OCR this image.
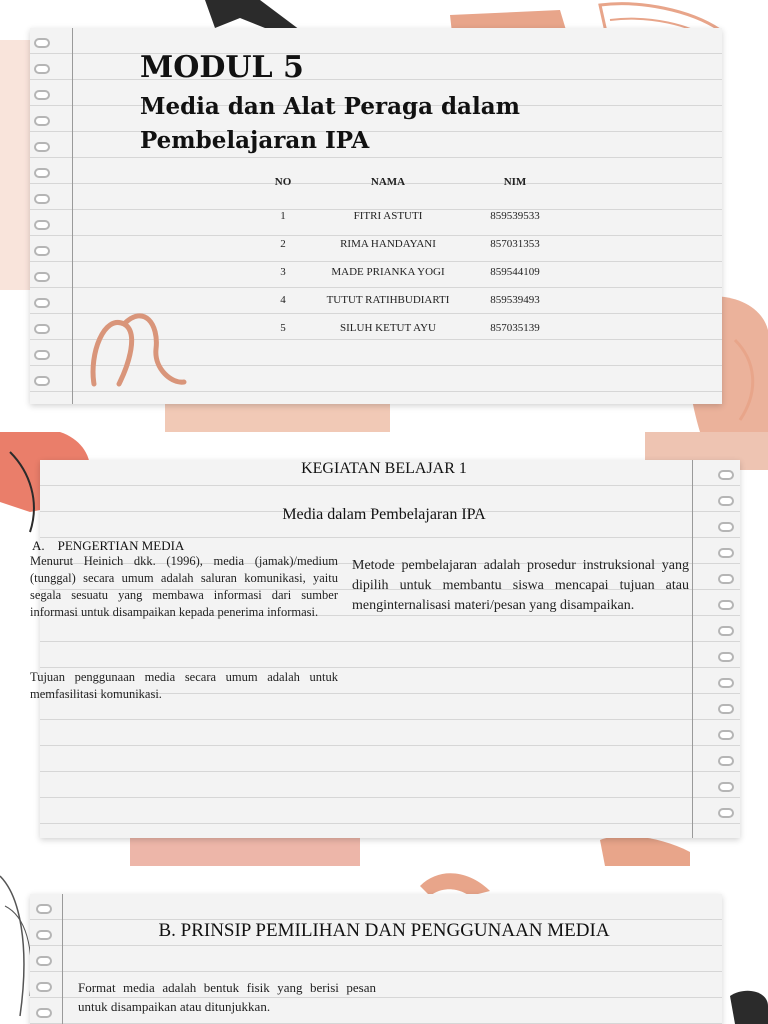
MODUL 5
Media dan Alat Peraga dalam Pembelajaran IPA
NO	NAMA	NIM
1	FITRI ASTUTI	859539533
2	RIMA HANDAYANI	857031353
3	MADE PRIANKA YOGI	859544109
4	TUTUT RATIHBUDIARTI	859539493
5	SILUH KETUT AYU	857035139
KEGIATAN BELAJAR 1
Media dalam Pembelajaran IPA
A.    PENGERTIAN MEDIA
Menurut Heinich dkk. (1996), media (jamak)/medium (tunggal) secara umum adalah saluran komunikasi, yaitu segala sesuatu yang membawa informasi dari sumber informasi untuk disampaikan kepada penerima informasi.
Tujuan penggunaan media secara umum adalah untuk memfasilitasi komunikasi.
Metode pembelajaran adalah prosedur instruksional yang dipilih untuk membantu siswa mencapai tujuan atau menginternalisasi materi/pesan yang disampaikan.
B. PRINSIP PEMILIHAN DAN PENGGUNAAN MEDIA
Format media adalah bentuk fisik yang berisi pesan untuk disampaikan atau ditunjukkan.
